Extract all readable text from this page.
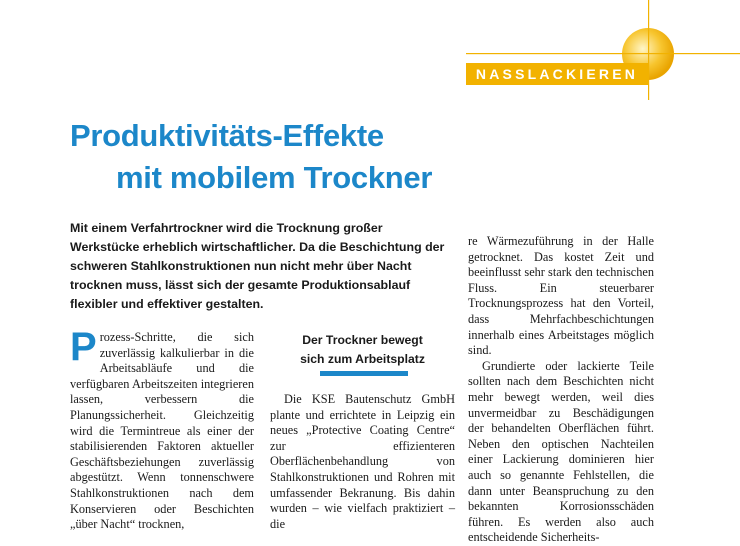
NASSLACKIEREN
Produktivitäts-Effekte
mit mobilem Trockner
Mit einem Verfahrtrockner wird die Trocknung großer Werkstücke erheblich wirtschaftlicher. Da die Beschichtung der schweren Stahlkonstruktionen nun nicht mehr über Nacht trocknen muss, lässt sich der gesamte Produktionsablauf flexibler und effektiver gestalten.
P rozess-Schritte, die sich zuverlässig kalkulierbar in die Arbeitsabläufe und die verfügbaren Arbeitszeiten integrieren lassen, verbessern die Planungssicherheit. Gleichzeitig wird die Termintreue als einer der stabilisierenden Faktoren aktueller Geschäftsbeziehungen zuverlässig abgestützt. Wenn tonnenschwere Stahlkonstruktionen nach dem Konservieren oder Beschichten „über Nacht“ trocknen,
Der Trockner bewegt
sich zum Arbeitsplatz

Die KSE Bautenschutz GmbH plante und errichtete in Leipzig ein neues „Protective Coating Centre“ zur effizienteren Oberflächenbehandlung von Stahlkonstruktionen und Rohren mit umfassender Bekranung. Bis dahin wurden – wie vielfach praktiziert – die

re Wärmezuführung in der Halle getrocknet. Das kostet Zeit und beeinflusst sehr stark den technischen Fluss. Ein steuerbarer Trocknungsprozess hat den Vorteil, dass Mehrfachbeschichtungen innerhalb eines Arbeitstages möglich sind.

Grundierte oder lackierte Teile sollten nach dem Beschichten nicht mehr bewegt werden, weil dies unvermeidbar zu Beschädigungen der behandelten Oberflächen führt. Neben den optischen Nachteilen einer Lackierung dominieren hier auch so genannte Fehlstellen, die dann unter Beanspruchung zu den bekannten Korrosionsschäden führen. Es werden also auch entscheidende Sicherheits-
